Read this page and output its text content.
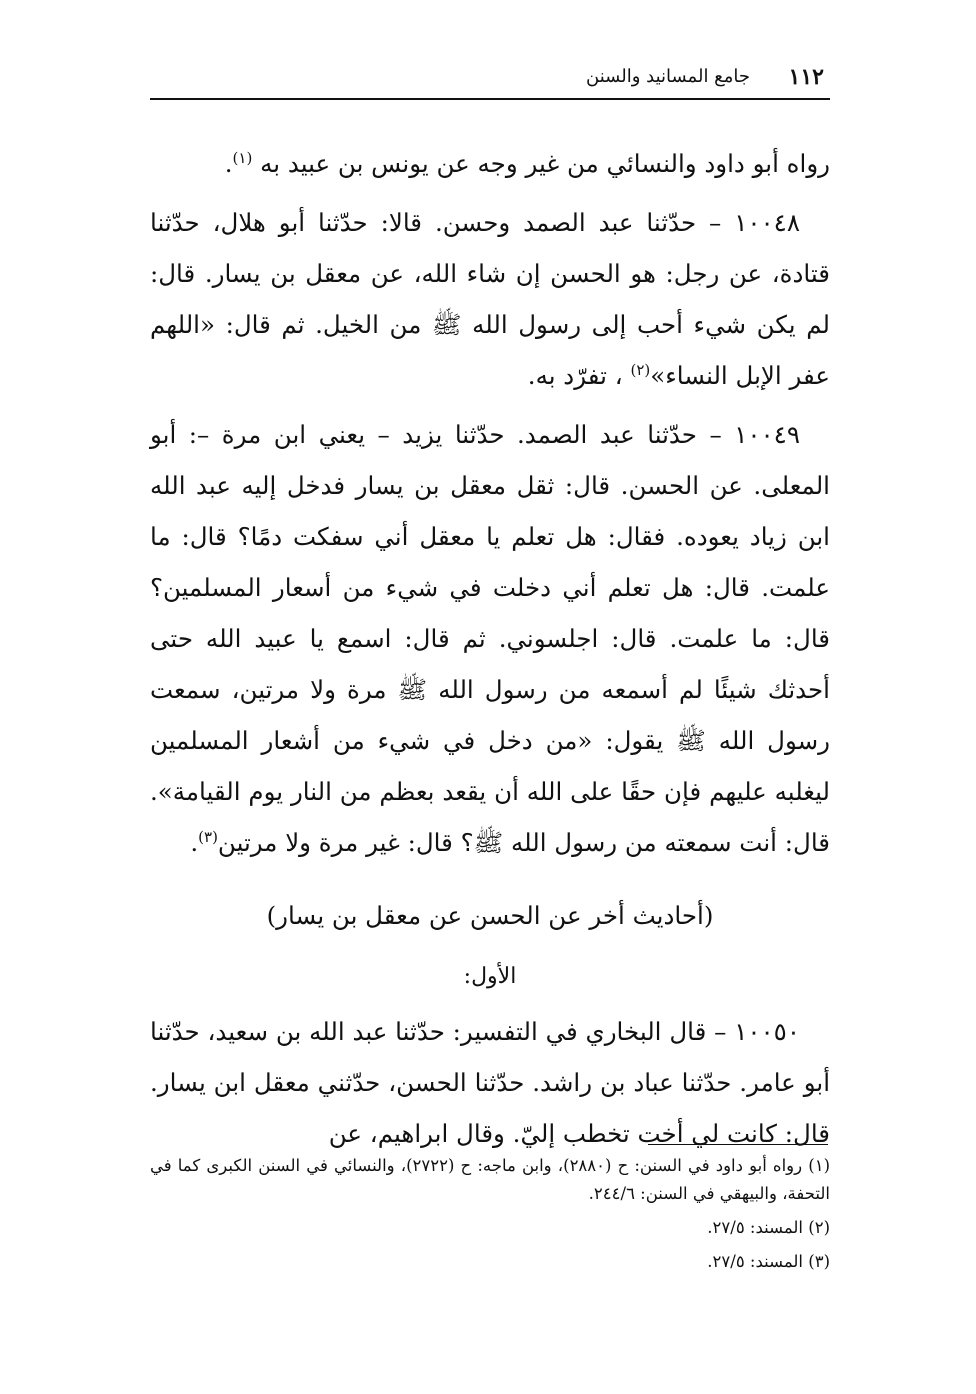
١١٢
جامع المسانيد والسنن

رواه أبو داود والنسائي من غير وجه عن يونس بن عبيد به $^{(١)}$.

١٠٠٤٨ – حدّثنا عبد الصمد وحسن. قالا: حدّثنا أبو هلال، حدّثنا قتادة، عن رجل: هو الحسن إن شاء الله، عن معقل بن يسار. قال: لم يكن شيء أحب إلى رسول الله ﷺ من الخيل. ثم قال: «اللهم عفر الإبل النساء»$^{(٢)}$ ، تفرّد به.

١٠٠٤٩ – حدّثنا عبد الصمد. حدّثنا يزيد – يعني ابن مرة –: أبو المعلى. عن الحسن. قال: ثقل معقل بن يسار فدخل إليه عبد الله ابن زياد يعوده. فقال: هل تعلم يا معقل أني سفكت دمًا؟ قال: ما علمت. قال: هل تعلم أني دخلت في شيء من أسعار المسلمين؟ قال: ما علمت. قال: اجلسوني. ثم قال: اسمع يا عبيد الله حتى أحدثك شيئًا لم أسمعه من رسول الله ﷺ مرة ولا مرتين، سمعت رسول الله ﷺ يقول: «من دخل في شيء من أشعار المسلمين ليغلبه عليهم فإن حقًا على الله أن يقعد بعظم من النار يوم القيامة». قال: أنت سمعته من رسول الله ﷺ؟ قال: غير مرة ولا مرتين$^{(٣)}$.

(أحاديث أخر عن الحسن عن معقل بن يسار)

الأول:

١٠٠٥٠ – قال البخاري في التفسير: حدّثنا عبد الله بن سعيد، حدّثنا أبو عامر. حدّثنا عباد بن راشد. حدّثنا الحسن، حدّثني معقل ابن يسار. قال: كانت لي أخت تخطب إليّ. وقال ابراهيم، عن

(١) رواه أبو داود في السنن: ح (٢٨٨٠)، وابن ماجه: ح (٢٧٢٢)، والنسائي في السنن الكبرى كما في التحفة، والبيهقي في السنن: ٢٤٤/٦.

(٢) المسند: ٢٧/٥.

(٣) المسند: ٢٧/٥.
